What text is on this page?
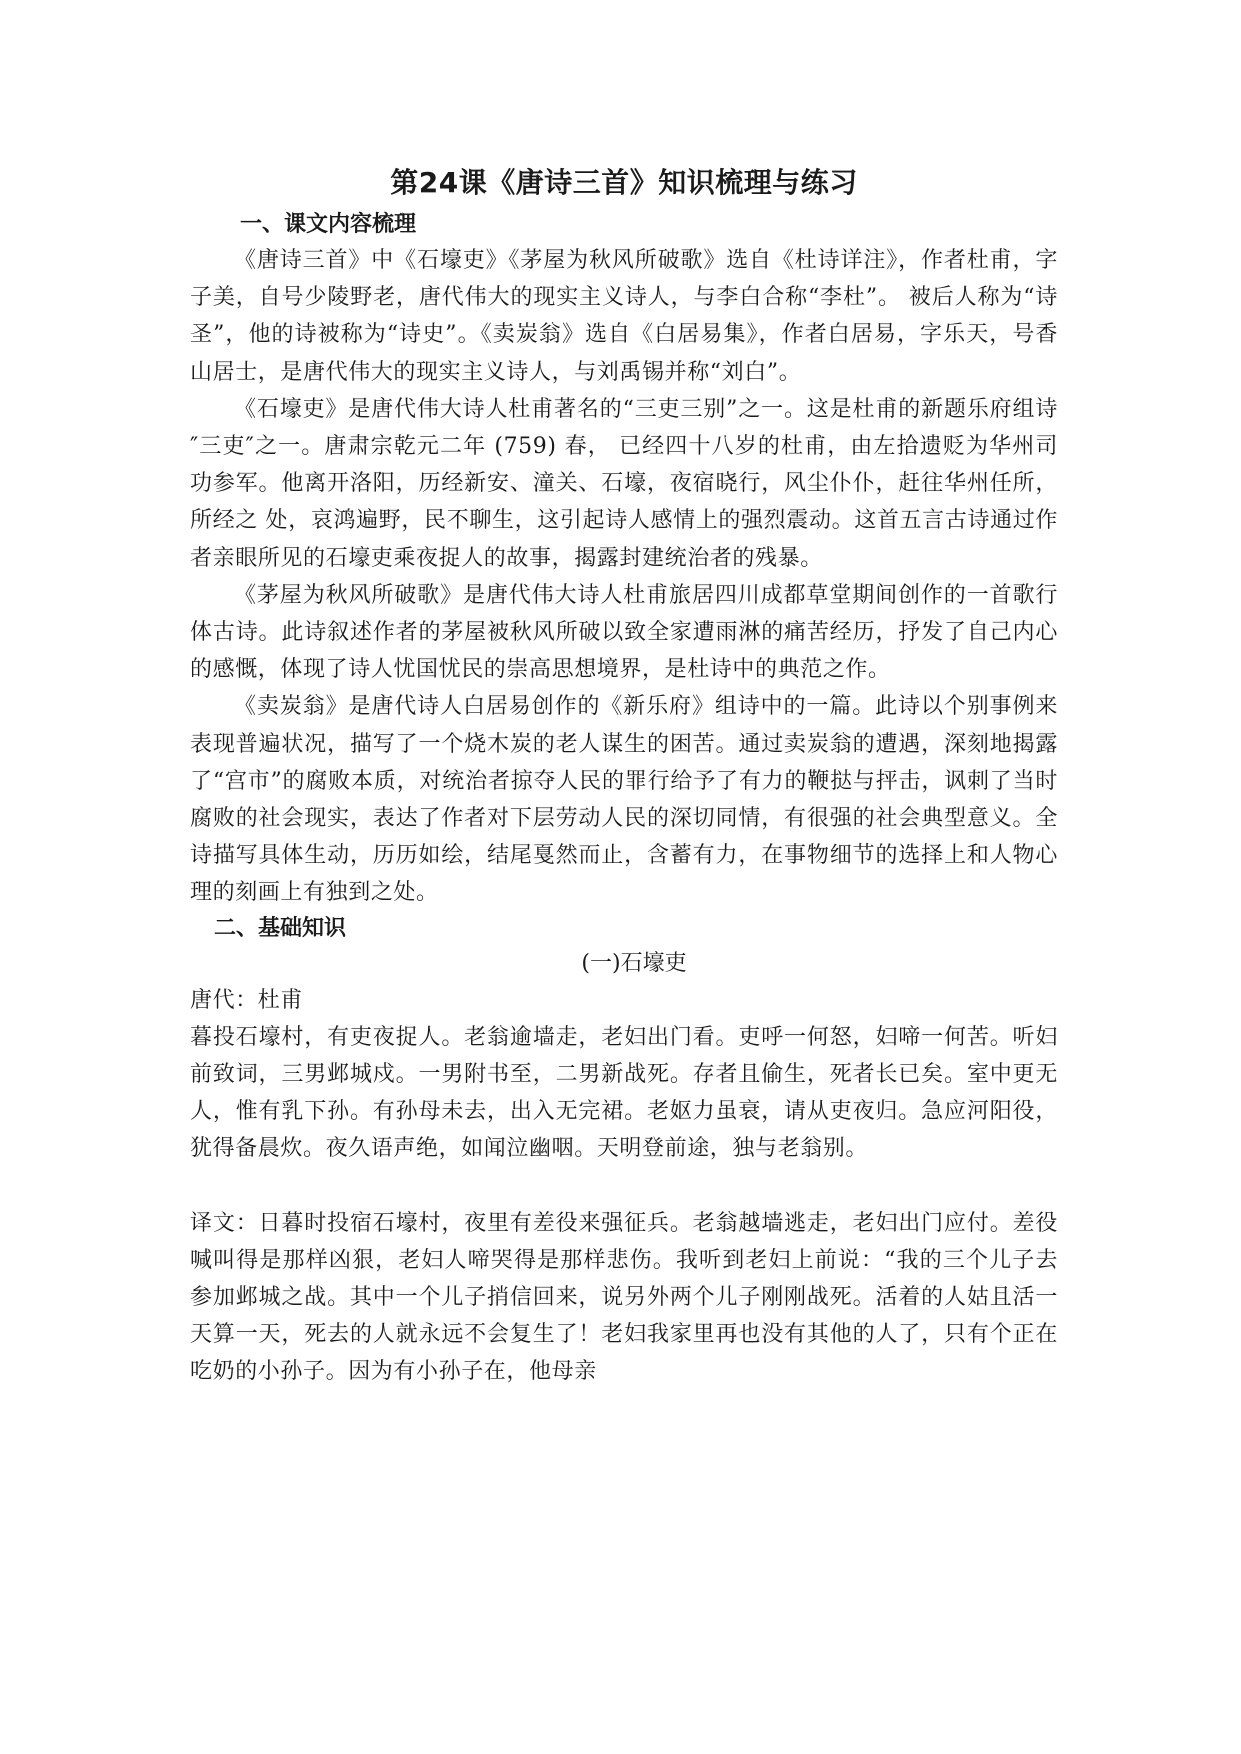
第24课《唐诗三首》知识梳理与练习
一、课文内容梳理

《唐诗三首》中《石壕吏》《茅屋为秋风所破歌》选自《杜诗详注》，作者杜甫，字子美，自号少陵野老，唐代伟大的现实主义诗人，与李白合称“李杜”。 被后人称为“诗圣”，他的诗被称为“诗史”。《卖炭翁》选自《白居易集》，作者白居易，字乐天，号香山居士，是唐代伟大的现实主义诗人，与刘禹锡并称“刘白”。

《石壕吏》是唐代伟大诗人杜甫著名的“三吏三别”之一。这是杜甫的新题乐府组诗 ″三吏″之一。唐肃宗乾元二年 (759) 春， 已经四十八岁的杜甫，由左拾遗贬为华州司功参军。他离开洛阳，历经新安、潼关、石壕，夜宿晓行，风尘仆仆，赶往华州任所，所经之 处，哀鸿遍野，民不聊生，这引起诗人感情上的强烈震动。这首五言古诗通过作者亲眼所见的石壕吏乘夜捉人的故事，揭露封建统治者的残暴。

《茅屋为秋风所破歌》是唐代伟大诗人杜甫旅居四川成都草堂期间创作的一首歌行体古诗。此诗叙述作者的茅屋被秋风所破以致全家遭雨淋的痛苦经历，抒发了自己内心的感慨，体现了诗人忧国忧民的崇高思想境界，是杜诗中的典范之作。

《卖炭翁》是唐代诗人白居易创作的《新乐府》组诗中的一篇。此诗以个别事例来表现普遍状况，描写了一个烧木炭的老人谋生的困苦。通过卖炭翁的遭遇，深刻地揭露了“宫市”的腐败本质，对统治者掠夺人民的罪行给予了有力的鞭挞与抨击，讽刺了当时腐败的社会现实，表达了作者对下层劳动人民的深切同情，有很强的社会典型意义。全诗描写具体生动，历历如绘，结尾戛然而止，含蓄有力，在事物细节的选择上和人物心理的刻画上有独到之处。

二、基础知识

(一)石壕吏

唐代：杜甫

暮投石壕村，有吏夜捉人。老翁逾墙走，老妇出门看。吏呼一何怒，妇啼一何苦。听妇前致词，三男邺城戍。一男附书至，二男新战死。存者且偷生，死者长已矣。室中更无人，惟有乳下孙。有孙母未去，出入无完裙。老妪力虽衰，请从吏夜归。急应河阳役，犹得备晨炊。夜久语声绝，如闻泣幽咽。天明登前途，独与老翁别。

译文：日暮时投宿石壕村，夜里有差役来强征兵。老翁越墙逃走，老妇出门应付。差役喊叫得是那样凶狠，老妇人啼哭得是那样悲伤。我听到老妇上前说：“我的三个儿子去参加邺城之战。其中一个儿子捎信回来，说另外两个儿子刚刚战死。活着的人姑且活一天算一天，死去的人就永远不会复生了！老妇我家里再也没有其他的人了，只有个正在吃奶的小孙子。因为有小孙子在，他母亲
